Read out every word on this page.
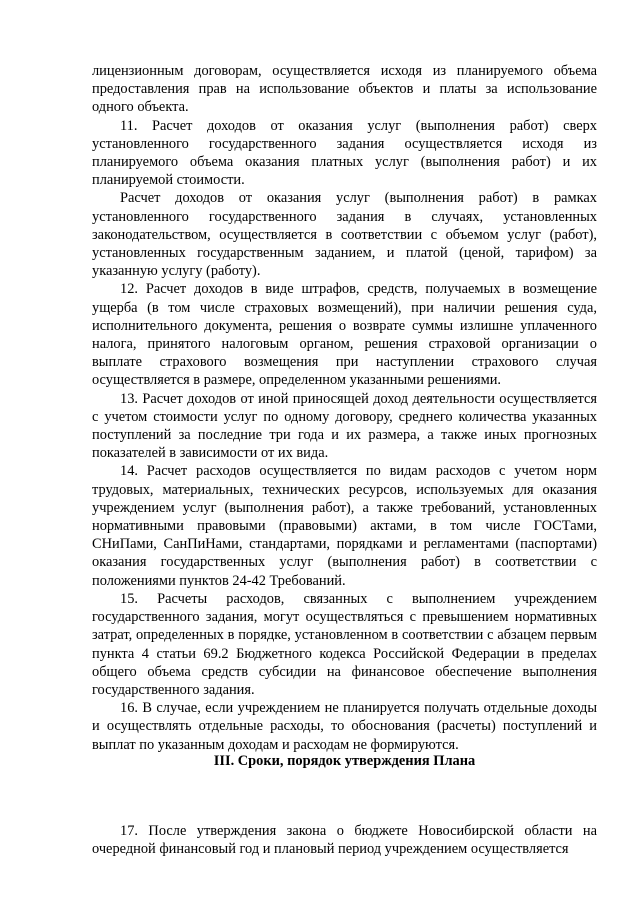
лицензионным договорам, осуществляется исходя из планируемого объема предоставления прав на использование объектов и платы за использование одного объекта.

11. Расчет доходов от оказания услуг (выполнения работ) сверх установленного государственного задания осуществляется исходя из планируемого объема оказания платных услуг (выполнения работ) и их планируемой стоимости.

Расчет доходов от оказания услуг (выполнения работ) в рамках установленного государственного задания в случаях, установленных законодательством, осуществляется в соответствии с объемом услуг (работ), установленных государственным заданием, и платой (ценой, тарифом) за указанную услугу (работу).

12. Расчет доходов в виде штрафов, средств, получаемых в возмещение ущерба (в том числе страховых возмещений), при наличии решения суда, исполнительного документа, решения о возврате суммы излишне уплаченного налога, принятого налоговым органом, решения страховой организации о выплате страхового возмещения при наступлении страхового случая осуществляется в размере, определенном указанными решениями.

13. Расчет доходов от иной приносящей доход деятельности осуществляется с учетом стоимости услуг по одному договору, среднего количества указанных поступлений за последние три года и их размера, а также иных прогнозных показателей в зависимости от их вида.

14. Расчет расходов осуществляется по видам расходов с учетом норм трудовых, материальных, технических ресурсов, используемых для оказания учреждением услуг (выполнения работ), а также требований, установленных нормативными правовыми (правовыми) актами, в том числе ГОСТами, СНиПами, СанПиНами, стандартами, порядками и регламентами (паспортами) оказания государственных услуг (выполнения работ) в соответствии с положениями пунктов 24-42 Требований.

15. Расчеты расходов, связанных с выполнением учреждением государственного задания, могут осуществляться с превышением нормативных затрат, определенных в порядке, установленном в соответствии с абзацем первым пункта 4 статьи 69.2 Бюджетного кодекса Российской Федерации в пределах общего объема средств субсидии на финансовое обеспечение выполнения государственного задания.

16. В случае, если учреждением не планируется получать отдельные доходы и осуществлять отдельные расходы, то обоснования (расчеты) поступлений и выплат по указанным доходам и расходам не формируются.

III. Сроки, порядок утверждения Плана

17. После утверждения закона о бюджете Новосибирской области на очередной финансовый год и плановый период учреждением осуществляется
